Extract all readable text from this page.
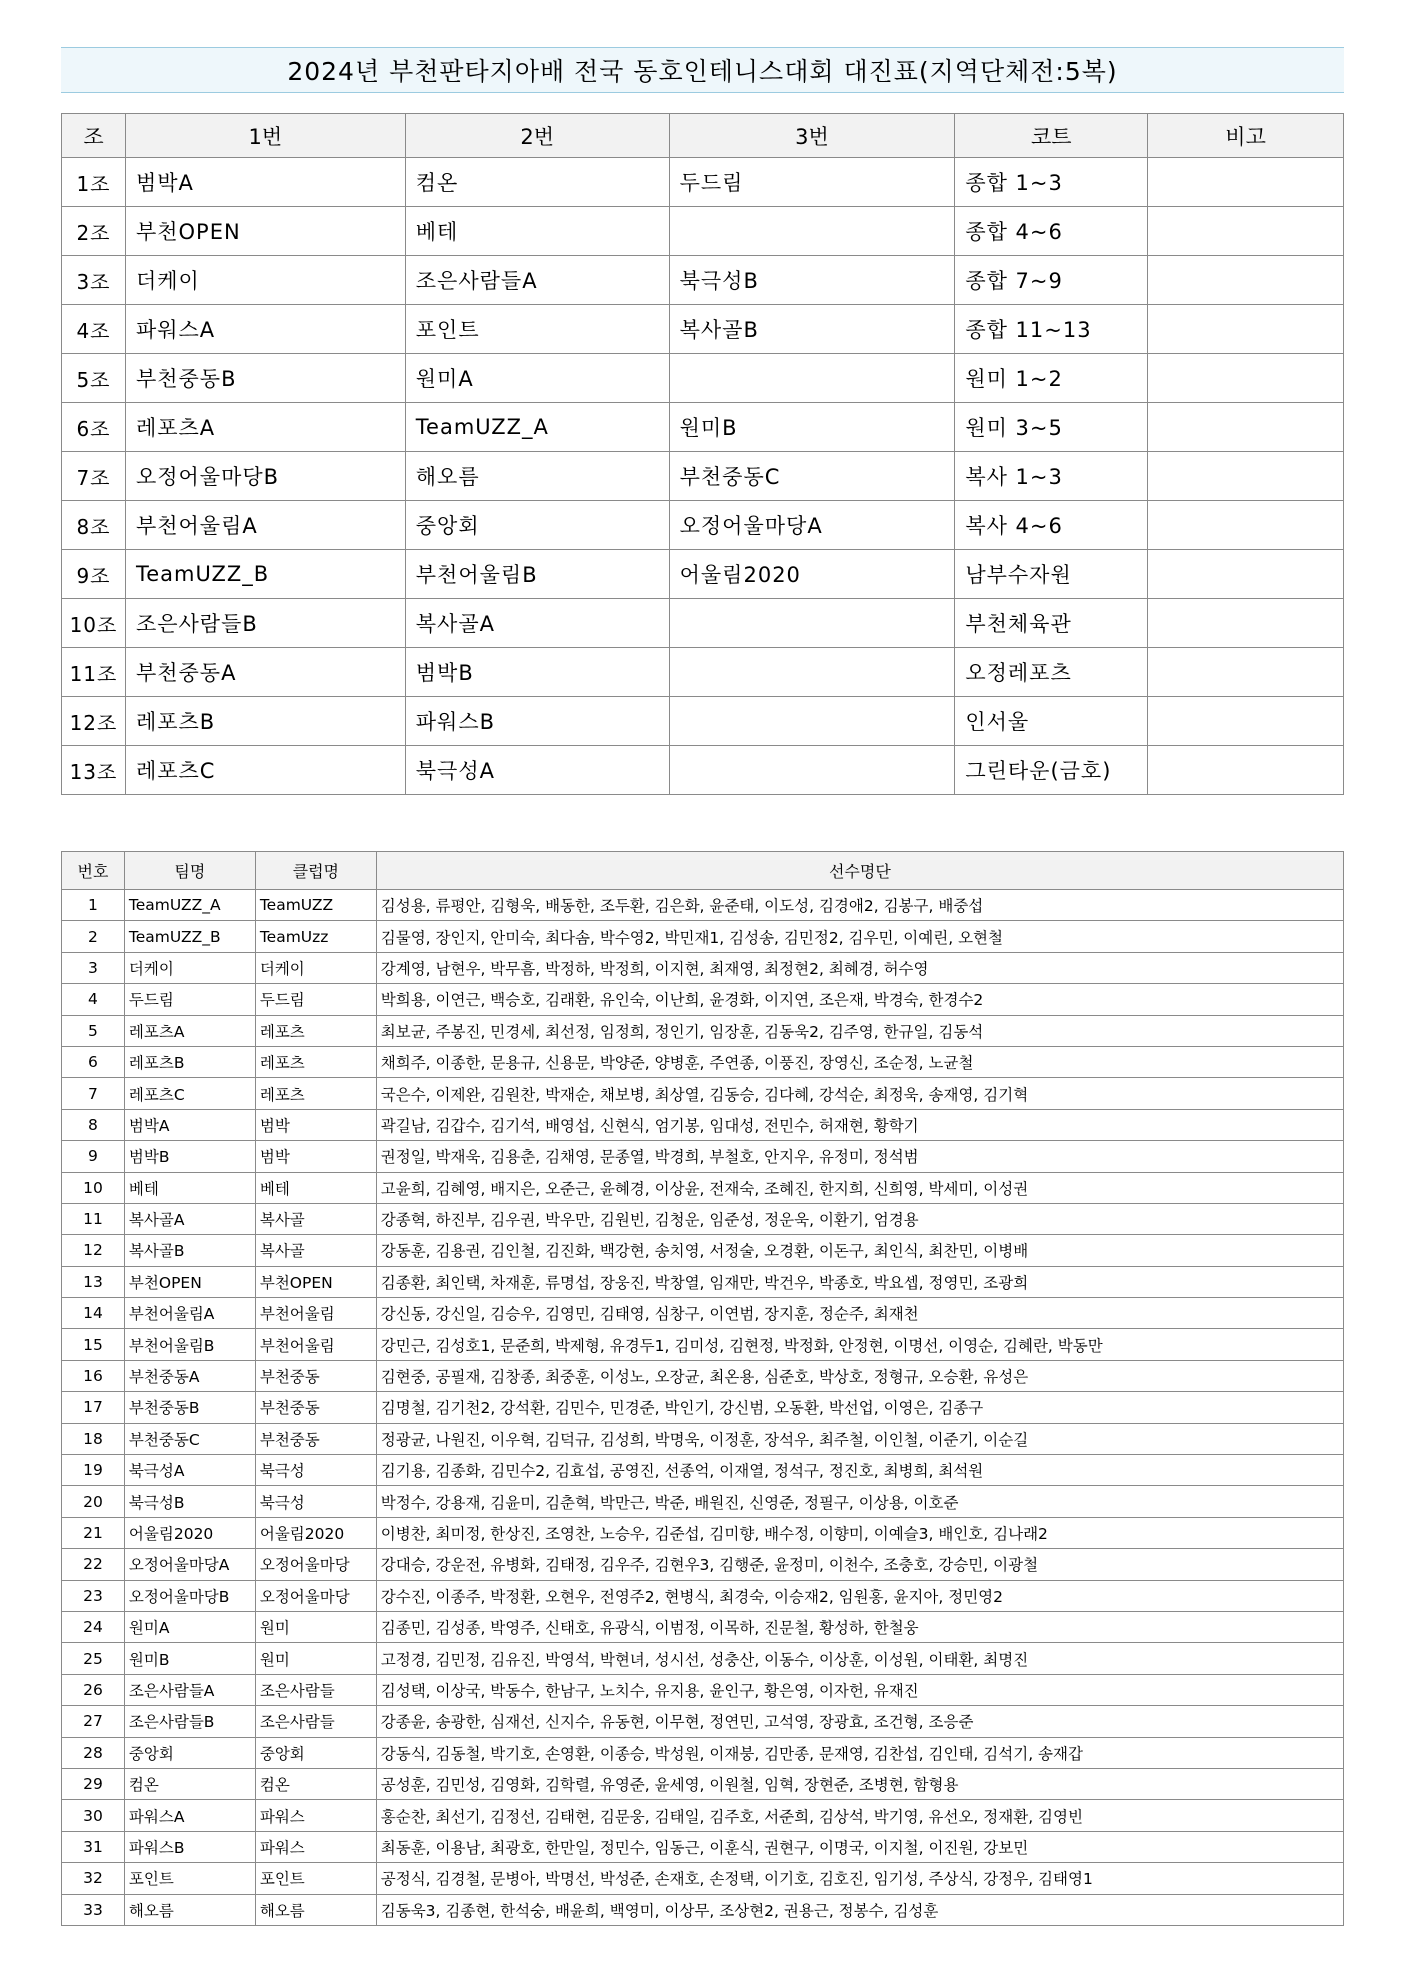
2024년 부천판타지아배 전국 동호인테니스대회 대진표(지역단체전:5복)
조	1번	2번	3번	코트	비고
1조	범박A	컴온	두드림	종합 1~3	
2조	부천OPEN	베테		종합 4~6	
3조	더케이	조은사람들A	북극성B	종합 7~9	
4조	파워스A	포인트	복사골B	종합 11~13	
5조	부천중동B	원미A		원미 1~2	
6조	레포츠A	TeamUZZ_A	원미B	원미 3~5	
7조	오정어울마당B	해오름	부천중동C	복사 1~3	
8조	부천어울림A	중앙회	오정어울마당A	복사 4~6	
9조	TeamUZZ_B	부천어울림B	어울림2020	남부수자원	
10조	조은사람들B	복사골A		부천체육관	
11조	부천중동A	범박B		오정레포츠	
12조	레포츠B	파워스B		인서울	
13조	레포츠C	북극성A		그린타운(금호)	
번호	팀명	클럽명	선수명단
1	TeamUZZ_A	TeamUZZ	김성용, 류평안, 김형욱, 배동한, 조두환, 김은화, 윤준태, 이도성, 김경애2, 김봉구, 배중섭
2	TeamUZZ_B	TeamUzz	김물영, 장인지, 안미숙, 최다솜, 박수영2, 박민재1, 김성송, 김민정2, 김우민, 이예린, 오현철
3	더케이	더케이	강계영, 남현우, 박무흠, 박정하, 박정희, 이지현, 최재영, 최정현2, 최혜경, 허수영
4	두드림	두드림	박희용, 이연근, 백승호, 김래환, 유인숙, 이난희, 윤경화, 이지연, 조은재, 박경숙, 한경수2
5	레포츠A	레포츠	최보균, 주봉진, 민경세, 최선정, 임정희, 정인기, 임장훈, 김동욱2, 김주영, 한규일, 김동석
6	레포츠B	레포츠	채희주, 이종한, 문용규, 신용문, 박양준, 양병훈, 주연종, 이풍진, 장영신, 조순정, 노균철
7	레포츠C	레포츠	국은수, 이제완, 김원찬, 박재순, 채보병, 최상열, 김동승, 김다혜, 강석순, 최정욱, 송재영, 김기혁
8	범박A	범박	곽길남, 김갑수, 김기석, 배영섭, 신현식, 엄기봉, 임대성, 전민수, 허재현, 황학기
9	범박B	범박	권정일, 박재욱, 김용춘, 김채영, 문종열, 박경희, 부철호, 안지우, 유정미, 정석범
10	베테	베테	고윤희, 김혜영, 배지은, 오준근, 윤혜경, 이상윤, 전재숙, 조혜진, 한지희, 신희영, 박세미, 이성권
11	복사골A	복사골	강종혁, 하진부, 김우권, 박우만, 김원빈, 김청운, 임준성, 정운욱, 이환기, 엄경용
12	복사골B	복사골	강동훈, 김용권, 김인철, 김진화, 백강현, 송치영, 서정술, 오경환, 이돈구, 최인식, 최찬민, 이병배
13	부천OPEN	부천OPEN	김종환, 최인택, 차재훈, 류명섭, 장웅진, 박창열, 임재만, 박건우, 박종호, 박요셉, 정영민, 조광희
14	부천어울림A	부천어울림	강신동, 강신일, 김승우, 김영민, 김태영, 심창구, 이연범, 장지훈, 정순주, 최재천
15	부천어울림B	부천어울림	강민근, 김성호1, 문준희, 박제형, 유경두1, 김미성, 김현정, 박정화, 안정현, 이명선, 이영순, 김혜란, 박동만
16	부천중동A	부천중동	김현중, 공필재, 김창종, 최중훈, 이성노, 오장균, 최온용, 심준호, 박상호, 정형규, 오승환, 유성은
17	부천중동B	부천중동	김명철, 김기천2, 강석환, 김민수, 민경준, 박인기, 강신범, 오동환, 박선업, 이영은, 김종구
18	부천중동C	부천중동	정광균, 나원진, 이우혁, 김덕규, 김성희, 박명욱, 이정훈, 장석우, 최주철, 이인철, 이준기, 이순길
19	북극성A	북극성	김기용, 김종화, 김민수2, 김효섭, 공영진, 선종억, 이재열, 정석구, 정진호, 최병희, 최석원
20	북극성B	북극성	박정수, 강용재, 김윤미, 김춘혁, 박만근, 박준, 배원진, 신영준, 정필구, 이상용, 이호준
21	어울림2020	어울림2020	이병찬, 최미정, 한상진, 조영찬, 노승우, 김준섭, 김미향, 배수정, 이향미, 이예슬3, 배인호, 김나래2
22	오정어울마당A	오정어울마당	강대승, 강운전, 유병화, 김태정, 김우주, 김현우3, 김행준, 윤정미, 이천수, 조충호, 강승민, 이광철
23	오정어울마당B	오정어울마당	강수진, 이종주, 박정환, 오현우, 전영주2, 현병식, 최경숙, 이승재2, 임원홍, 윤지아, 정민영2
24	원미A	원미	김종민, 김성종, 박영주, 신태호, 유광식, 이범정, 이목하, 진문철, 황성하, 한철웅
25	원미B	원미	고정경, 김민정, 김유진, 박영석, 박현녀, 성시선, 성충산, 이동수, 이상훈, 이성원, 이태환, 최명진
26	조은사람들A	조은사람들	김성택, 이상국, 박동수, 한남구, 노치수, 유지용, 윤인구, 황은영, 이자헌, 유재진
27	조은사람들B	조은사람들	강종윤, 송광한, 심재선, 신지수, 유동현, 이무현, 정연민, 고석영, 장광효, 조건형, 조응준
28	중앙회	중앙회	강동식, 김동철, 박기호, 손영환, 이종승, 박성원, 이재붕, 김만종, 문재영, 김찬섭, 김인태, 김석기, 송재갑
29	컴온	컴온	공성훈, 김민성, 김영화, 김학렬, 유영준, 윤세영, 이원철, 임혁, 장현준, 조병현, 함형용
30	파워스A	파워스	홍순찬, 최선기, 김정선, 김태현, 김문웅, 김태일, 김주호, 서준희, 김상석, 박기영, 유선오, 정재환, 김영빈
31	파워스B	파워스	최동훈, 이용남, 최광호, 한만일, 정민수, 임동근, 이훈식, 권현구, 이명국, 이지철, 이진원, 강보민
32	포인트	포인트	공정식, 김경철, 문병아, 박명선, 박성준, 손재호, 손정택, 이기호, 김호진, 임기성, 주상식, 강정우, 김태영1
33	해오름	해오름	김동욱3, 김종현, 한석숭, 배윤희, 백영미, 이상무, 조상현2, 권용근, 정봉수, 김성훈
